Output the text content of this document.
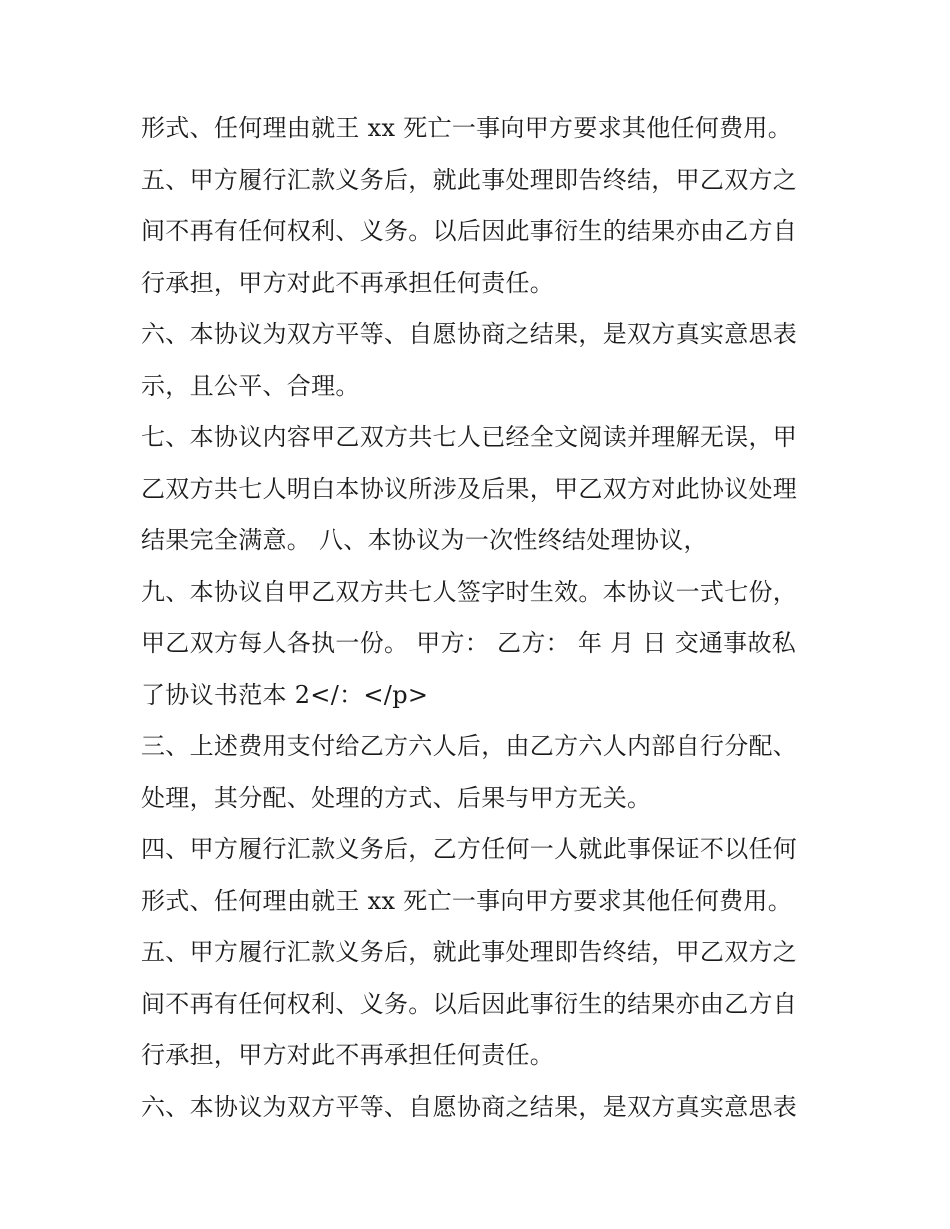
形式、任何理由就王 xx 死亡一事向甲方要求其他任何费用。
五、甲方履行汇款义务后，就此事处理即告终结，甲乙双方之
间不再有任何权利、义务。以后因此事衍生的结果亦由乙方自
行承担，甲方对此不再承担任何责任。
六、本协议为双方平等、自愿协商之结果，是双方真实意思表
示，且公平、合理。
七、本协议内容甲乙双方共七人已经全文阅读并理解无误，甲
乙双方共七人明白本协议所涉及后果，甲乙双方对此协议处理
结果完全满意。 八、本协议为一次性终结处理协议，
九、本协议自甲乙双方共七人签字时生效。本协议一式七份，
甲乙双方每人各执一份。 甲方： 乙方： 年 月 日 交通事故私
了协议书范本 2</：</p>
三、上述费用支付给乙方六人后，由乙方六人内部自行分配、
处理，其分配、处理的方式、后果与甲方无关。
四、甲方履行汇款义务后，乙方任何一人就此事保证不以任何
形式、任何理由就王 xx 死亡一事向甲方要求其他任何费用。
五、甲方履行汇款义务后，就此事处理即告终结，甲乙双方之
间不再有任何权利、义务。以后因此事衍生的结果亦由乙方自
行承担，甲方对此不再承担任何责任。
六、本协议为双方平等、自愿协商之结果，是双方真实意思表
